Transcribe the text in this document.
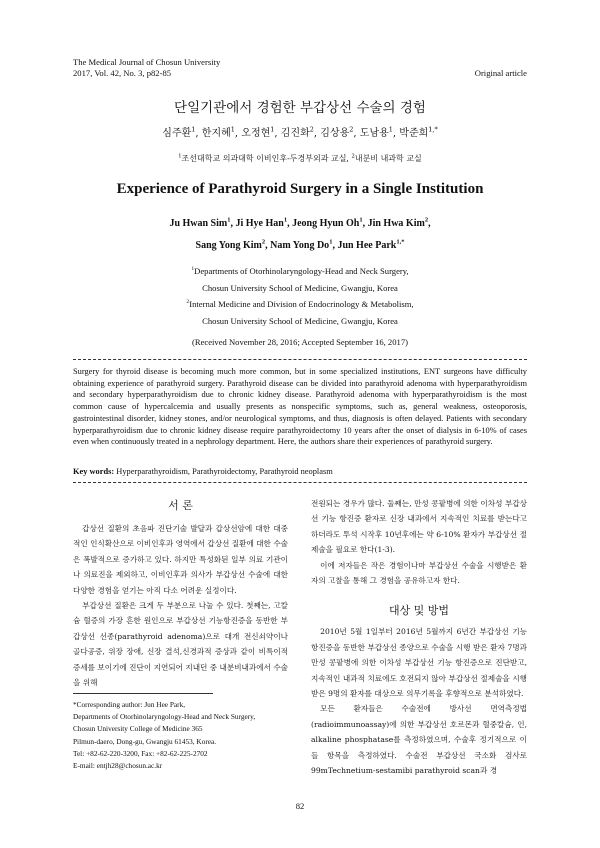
The Medical Journal of Chosun University
2017, Vol. 42, No. 3, p82-85	Original article
단일기관에서 경험한 부갑상선 수술의 경험
심주환$^1$, 한지혜$^1$, 오정현$^1$, 김진화$^2$, 김상용$^2$, 도남용$^1$, 박준희$^{1,*}$
$^1$조선대학교 의과대학 이비인후-두경부외과 교실, $^2$내분비 내과학 교실
Experience of Parathyroid Surgery in a Single Institution
Ju Hwan Sim$^1$, Ji Hye Han$^1$, Jeong Hyun Oh$^1$, Jin Hwa Kim$^2$,
Sang Yong Kim$^2$, Nam Yong Do$^1$, Jun Hee Park$^{1,*}$
$^1$Departments of Otorhinolaryngology-Head and Neck Surgery,
Chosun University School of Medicine, Gwangju, Korea
$^2$Internal Medicine and Division of Endocrinology & Metabolism,
Chosun University School of Medicine, Gwangju, Korea
(Received November 28, 2016; Accepted September 16, 2017)
Surgery for thyroid disease is becoming much more common, but in some specialized institutions, ENT surgeons have difficulty obtaining experience of parathyroid surgery. Parathyroid disease can be divided into parathyroid adenoma with hyperparathyroidism and secondary hyperparathyroidism due to chronic kidney disease. Parathyroid adenoma with hyperparathyroidism is the most common cause of hypercalcemia and usually presents as nonspecific symptoms, such as, general weakness, osteoporosis, gastrointestinal disorder, kidney stones, and/or neurological symptoms, and thus, diagnosis is often delayed. Patients with secondary hyperparathyroidism due to chronic kidney disease require parathyroidectomy 10 years after the onset of dialysis in 6-10% of cases even when continuously treated in a nephrology department. Here, the authors share their experiences of parathyroid surgery.
Key words: Hyperparathyroidism, Parathyroidectomy, Parathyroid neoplasm
서 론

갑상선 질환의 초음파 진단기술 발달과 갑상선암에 대한 대중적인 인식확산으로 이비인후과 영역에서 갑상선 질환에 대한 수술은 폭발적으로 증가하고 있다. 하지만 특성화된 일부 의료 기관이나 의료진을 제외하고, 이비인후과 의사가 부갑상선 수술에 대한 다양한 경험을 얻기는 아직 다소 어려운 실정이다.

부갑상선 질환은 크게 두 부분으로 나눌 수 있다. 첫째는, 고칼슘 혈증의 가장 흔한 원인으로 부갑상선 기능항진증을 동반한 부갑상선 선종(parathyroid adenoma)으로 대개 전신쇠약이나 골다공증, 위장 장애, 신장 결석,신경과적 증상과 같이 비특이적 증세를 보이기에 진단이 지연되어 지내던 중 내분비내과에서 수술을 위해

*Corresponding author: Jun Hee Park,
Departments of Otorhinolaryngology-Head and Neck Surgery,
Chosun University College of Medicine 365
Pilmun-daero, Dong-gu, Gwangju 61453, Korea.
Tel: +82-62-220-3200, Fax: +82-62-225-2702
E-mail: entjh28@chosun.ac.kr

전원되는 경우가 많다. 둘째는, 만성 콩팥병에 의한 이차성 부갑상선 기능 항진증 환자로 신장 내과에서 지속적인 치료를 받는다고 하더라도 투석 시작후 10년후에는 약 6-10% 환자가 부갑상선 절제술을 필요로 한다(1-3).

이에 저자들은 작은 경험이나마 부갑상선 수술을 시행받은 환자의 고찰을 통해 그 경험을 공유하고자 한다.

대상 및 방법

2010년 5월 1일부터 2016년 5월까지 6년간 부갑상선 기능항진증을 동반한 부갑상선 종양으로 수술을 시행 받은 환자 7명과 만성 콩팥병에 의한 이차성 부갑상선 기능 항진증으로 진단받고, 지속적인 내과적 치료에도 호전되지 않아 부갑상선 절제술을 시행 받은 9명의 환자를 대상으로 의무기록을 후향적으로 분석하였다.

모든 환자들은 수술전에 방사선 면역측정법(radioimmunoassay)에 의한 부갑상선 호르몬과 혈중칼슘, 인, alkaline phosphatase를 측정하였으며, 수술후 정기적으로 이들 항목을 측정하였다. 수술전 부갑상선 국소화 검사로 99mTechnetium-sestamibi parathyroid scan과 경

82
